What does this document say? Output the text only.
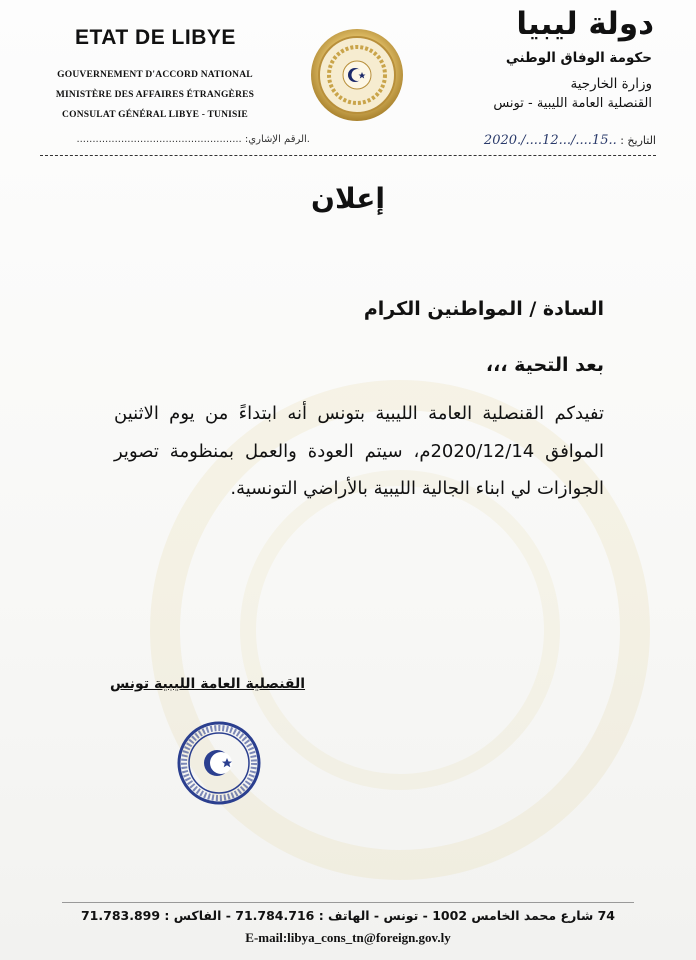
ETAT DE LIBYE
GOUVERNEMENT D'ACCORD NATIONAL
MINISTÈRE DES AFFAIRES ÉTRANGÈRES
CONSULAT GÉNÉRAL LIBYE - TUNISIE
دولة ليبيا
حكومة الوفاق الوطني
وزارة الخارجية
القنصلية العامة الليبية - تونس
.الرقم الإشاري: ....................................................	التاريخ : ..15..../...12..../.2020
إعلان
السادة / المواطنين الكرام
بعد التحية ،،،
تفيدكم القنصلية العامة الليبية بتونس أنه ابتداءً من يوم الاثنين الموافق 2020/12/14م، سيتم العودة والعمل بمنظومة تصوير الجوازات لي ابناء الجالية الليبية بالأراضي التونسية.
القنصلية العامة الليبية تونس
74 شارع محمد الخامس 1002 - تونس - الهاتف : 71.784.716 - الفاكس : 71.783.899
E-mail:libya_cons_tn@foreign.gov.ly
